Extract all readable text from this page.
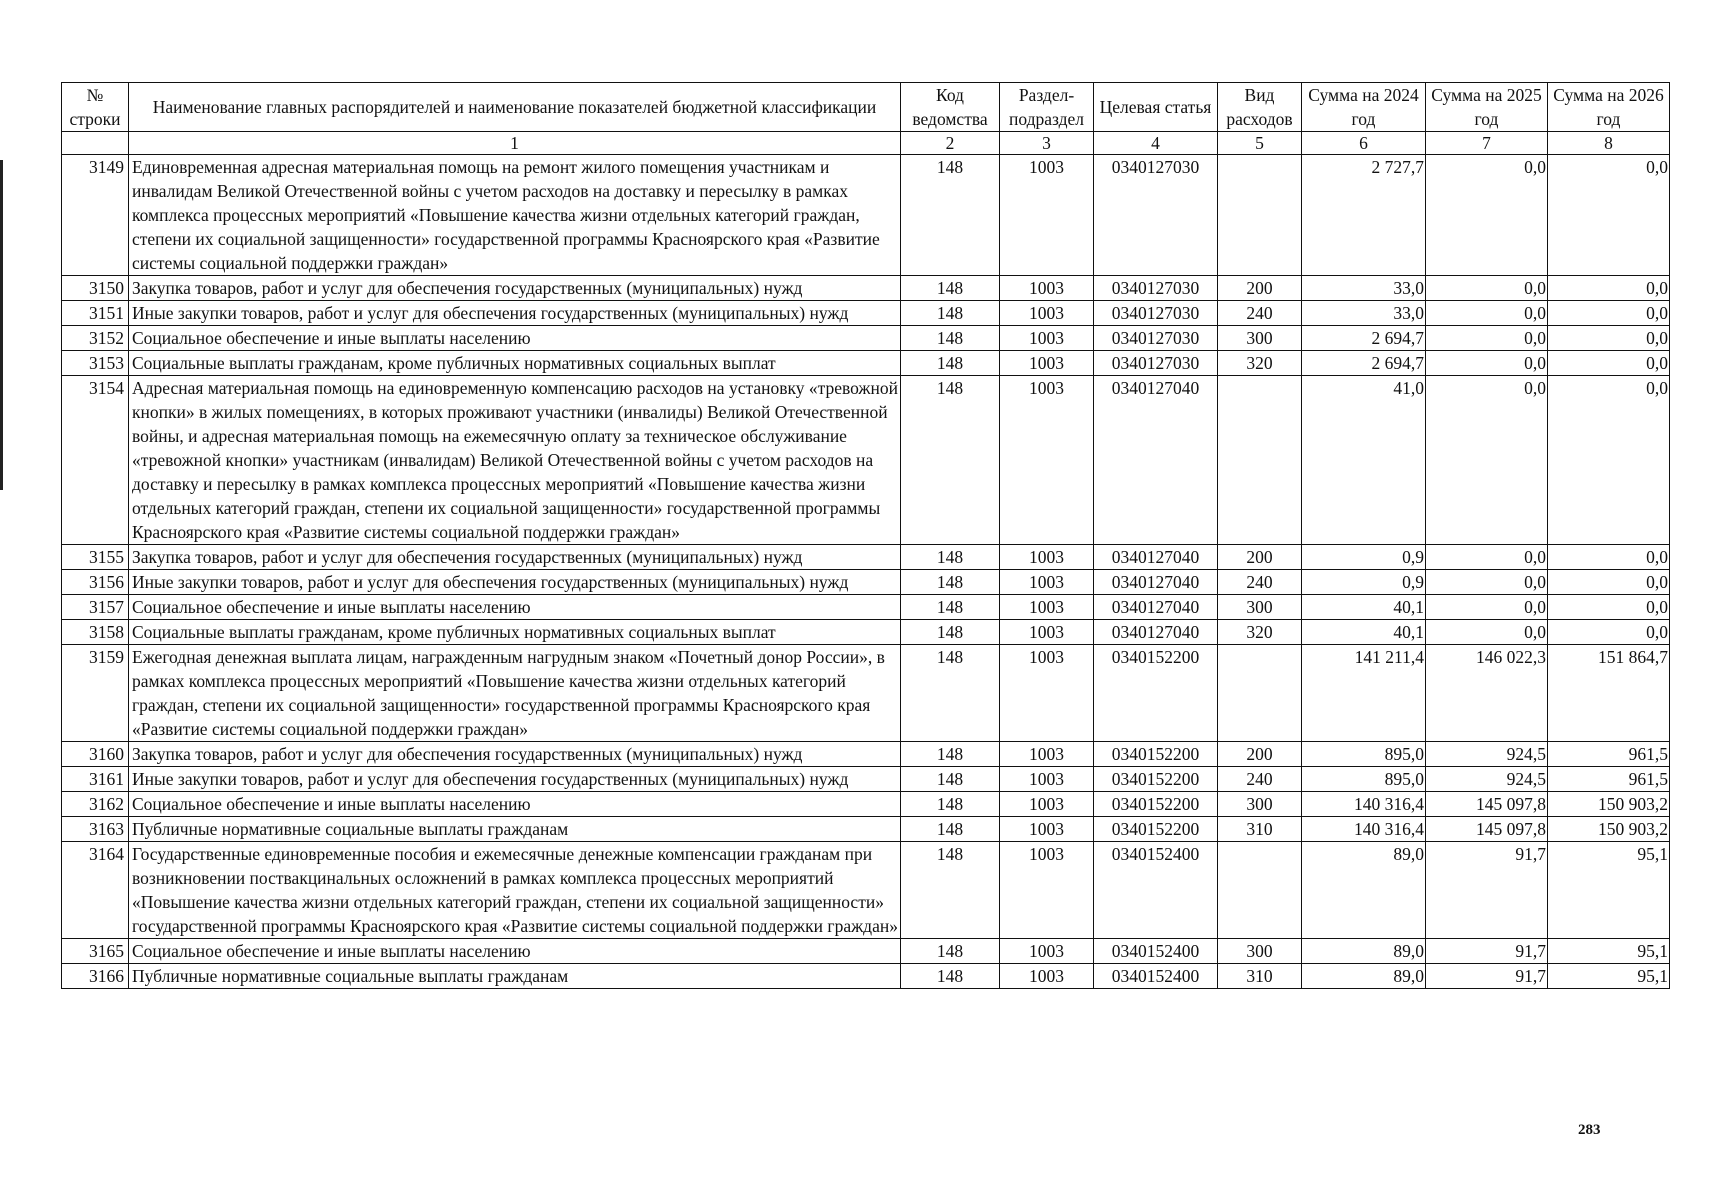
№ строки	Наименование главных распорядителей и наименование показателей бюджетной классификации	Код ведомства	Раздел- подраздел	Целевая статья	Вид расходов	Сумма на 2024 год	Сумма на 2025 год	Сумма на 2026 год
	1	2	3	4	5	6	7	8
3149	Единовременная адресная материальная помощь на ремонт жилого помещения участникам и инвалидам Великой Отечественной войны с учетом расходов на доставку и пересылку в рамках комплекса процессных мероприятий «Повышение качества жизни отдельных категорий граждан, степени их социальной защищенности» государственной программы Красноярского края «Развитие системы социальной поддержки граждан»	148	1003	0340127030		2 727,7	0,0	0,0
3150	Закупка товаров, работ и услуг для обеспечения государственных (муниципальных) нужд	148	1003	0340127030	200	33,0	0,0	0,0
3151	Иные закупки товаров, работ и услуг для обеспечения государственных (муниципальных) нужд	148	1003	0340127030	240	33,0	0,0	0,0
3152	Социальное обеспечение и иные выплаты населению	148	1003	0340127030	300	2 694,7	0,0	0,0
3153	Социальные выплаты гражданам, кроме публичных нормативных социальных выплат	148	1003	0340127030	320	2 694,7	0,0	0,0
3154	Адресная материальная помощь на единовременную компенсацию расходов на установку «тревожной кнопки» в жилых помещениях, в которых проживают участники (инвалиды) Великой Отечественной войны, и адресная материальная помощь на ежемесячную оплату за техническое обслуживание «тревожной кнопки» участникам (инвалидам) Великой Отечественной войны с учетом расходов на доставку и пересылку в рамках комплекса процессных мероприятий «Повышение качества жизни отдельных категорий граждан, степени их социальной защищенности» государственной программы Красноярского края «Развитие системы социальной поддержки граждан»	148	1003	0340127040		41,0	0,0	0,0
3155	Закупка товаров, работ и услуг для обеспечения государственных (муниципальных) нужд	148	1003	0340127040	200	0,9	0,0	0,0
3156	Иные закупки товаров, работ и услуг для обеспечения государственных (муниципальных) нужд	148	1003	0340127040	240	0,9	0,0	0,0
3157	Социальное обеспечение и иные выплаты населению	148	1003	0340127040	300	40,1	0,0	0,0
3158	Социальные выплаты гражданам, кроме публичных нормативных социальных выплат	148	1003	0340127040	320	40,1	0,0	0,0
3159	Ежегодная денежная выплата лицам, награжденным нагрудным знаком «Почетный донор России», в рамках комплекса процессных мероприятий «Повышение качества жизни отдельных категорий граждан, степени их социальной защищенности» государственной программы Красноярского края «Развитие системы социальной поддержки граждан»	148	1003	0340152200		141 211,4	146 022,3	151 864,7
3160	Закупка товаров, работ и услуг для обеспечения государственных (муниципальных) нужд	148	1003	0340152200	200	895,0	924,5	961,5
3161	Иные закупки товаров, работ и услуг для обеспечения государственных (муниципальных) нужд	148	1003	0340152200	240	895,0	924,5	961,5
3162	Социальное обеспечение и иные выплаты населению	148	1003	0340152200	300	140 316,4	145 097,8	150 903,2
3163	Публичные нормативные социальные выплаты гражданам	148	1003	0340152200	310	140 316,4	145 097,8	150 903,2
3164	Государственные единовременные пособия и ежемесячные денежные компенсации гражданам при возникновении поствакцинальных осложнений в рамках комплекса процессных мероприятий «Повышение качества жизни отдельных категорий граждан, степени их социальной защищенности» государственной программы Красноярского края «Развитие системы социальной поддержки граждан»	148	1003	0340152400		89,0	91,7	95,1
3165	Социальное обеспечение и иные выплаты населению	148	1003	0340152400	300	89,0	91,7	95,1
3166	Публичные нормативные социальные выплаты гражданам	148	1003	0340152400	310	89,0	91,7	95,1
283
